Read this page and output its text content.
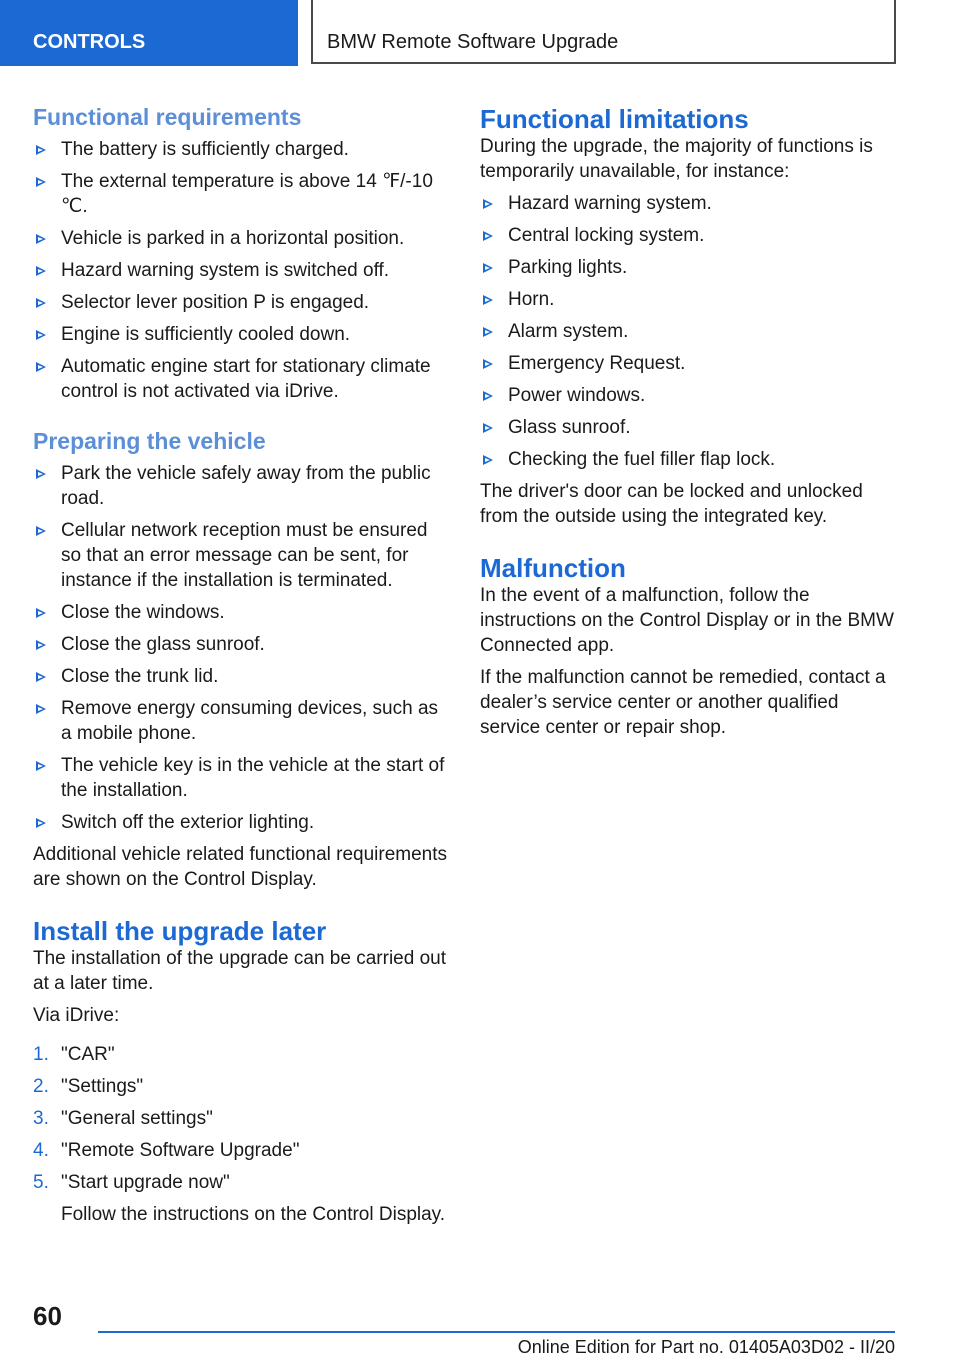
CONTROLS	BMW Remote Software Upgrade
Functional requirements
The battery is sufficiently charged.
The external temperature is above 14 ℉/-10 ℃.
Vehicle is parked in a horizontal position.
Hazard warning system is switched off.
Selector lever position P is engaged.
Engine is sufficiently cooled down.
Automatic engine start for stationary climate control is not activated via iDrive.
Preparing the vehicle
Park the vehicle safely away from the public road.
Cellular network reception must be ensured so that an error message can be sent, for instance if the installation is terminated.
Close the windows.
Close the glass sunroof.
Close the trunk lid.
Remove energy consuming devices, such as a mobile phone.
The vehicle key is in the vehicle at the start of the installation.
Switch off the exterior lighting.

Additional vehicle related functional requirements are shown on the Control Display.

Install the upgrade later

The installation of the upgrade can be carried out at a later time.

Via iDrive:

1. "CAR"
2. "Settings"
3. "General settings"
4. "Remote Software Upgrade"
5. "Start upgrade now"

Follow the instructions on the Control Display.

Functional limitations

During the upgrade, the majority of functions is temporarily unavailable, for instance:

Hazard warning system.
Central locking system.
Parking lights.
Horn.
Alarm system.
Emergency Request.
Power windows.
Glass sunroof.
Checking the fuel filler flap lock.

The driver's door can be locked and unlocked from the outside using the integrated key.

Malfunction

In the event of a malfunction, follow the instructions on the Control Display or in the BMW Connected app.

If the malfunction cannot be remedied, contact a dealer’s service center or another qualified service center or repair shop.

60
Online Edition for Part no. 01405A03D02 - II/20
